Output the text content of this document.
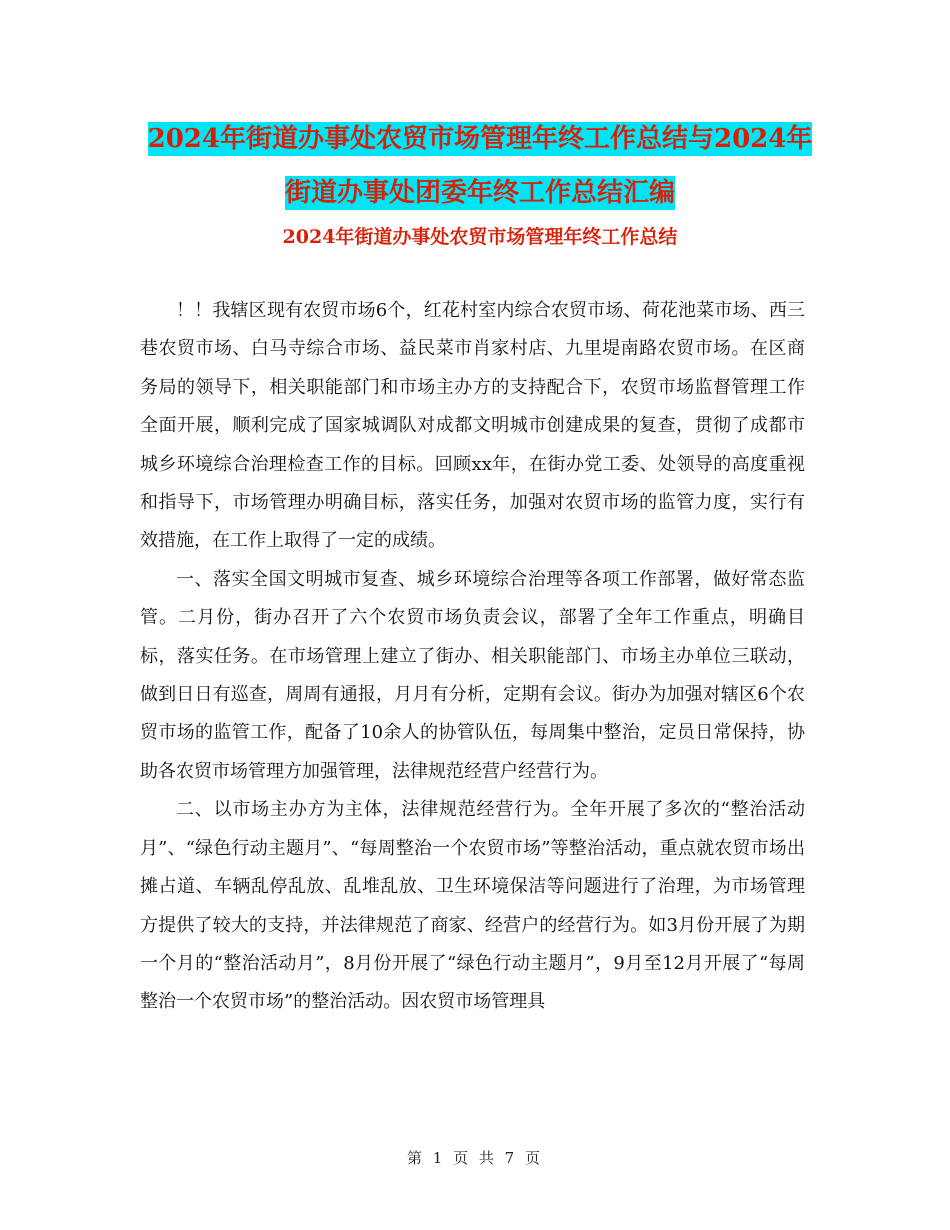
2024年街道办事处农贸市场管理年终工作总结与2024年街道办事处团委年终工作总结汇编
2024年街道办事处农贸市场管理年终工作总结

！！我辖区现有农贸市场6个，红花村室内综合农贸市场、荷花池菜市场、西三巷农贸市场、白马寺综合市场、益民菜市肖家村店、九里堤南路农贸市场。在区商务局的领导下，相关职能部门和市场主办方的支持配合下，农贸市场监督管理工作全面开展，顺利完成了国家城调队对成都文明城市创建成果的复查，贯彻了成都市城乡环境综合治理检查工作的目标。回顾xx年，在街办党工委、处领导的高度重视和指导下，市场管理办明确目标，落实任务，加强对农贸市场的监管力度，实行有效措施，在工作上取得了一定的成绩。

一、落实全国文明城市复查、城乡环境综合治理等各项工作部署，做好常态监管。二月份，街办召开了六个农贸市场负责会议，部署了全年工作重点，明确目标，落实任务。在市场管理上建立了街办、相关职能部门、市场主办单位三联动，做到日日有巡查，周周有通报，月月有分析，定期有会议。街办为加强对辖区6个农贸市场的监管工作，配备了10余人的协管队伍，每周集中整治，定员日常保持，协助各农贸市场管理方加强管理，法律规范经营户经营行为。

二、以市场主办方为主体，法律规范经营行为。全年开展了多次的“整治活动月”、“绿色行动主题月”、“每周整治一个农贸市场”等整治活动，重点就农贸市场出摊占道、车辆乱停乱放、乱堆乱放、卫生环境保洁等问题进行了治理，为市场管理方提供了较大的支持，并法律规范了商家、经营户的经营行为。如3月份开展了为期一个月的“整治活动月”，8月份开展了“绿色行动主题月”，9月至12月开展了“每周整治一个农贸市场”的整治活动。因农贸市场管理具

第 1 页 共 7 页
